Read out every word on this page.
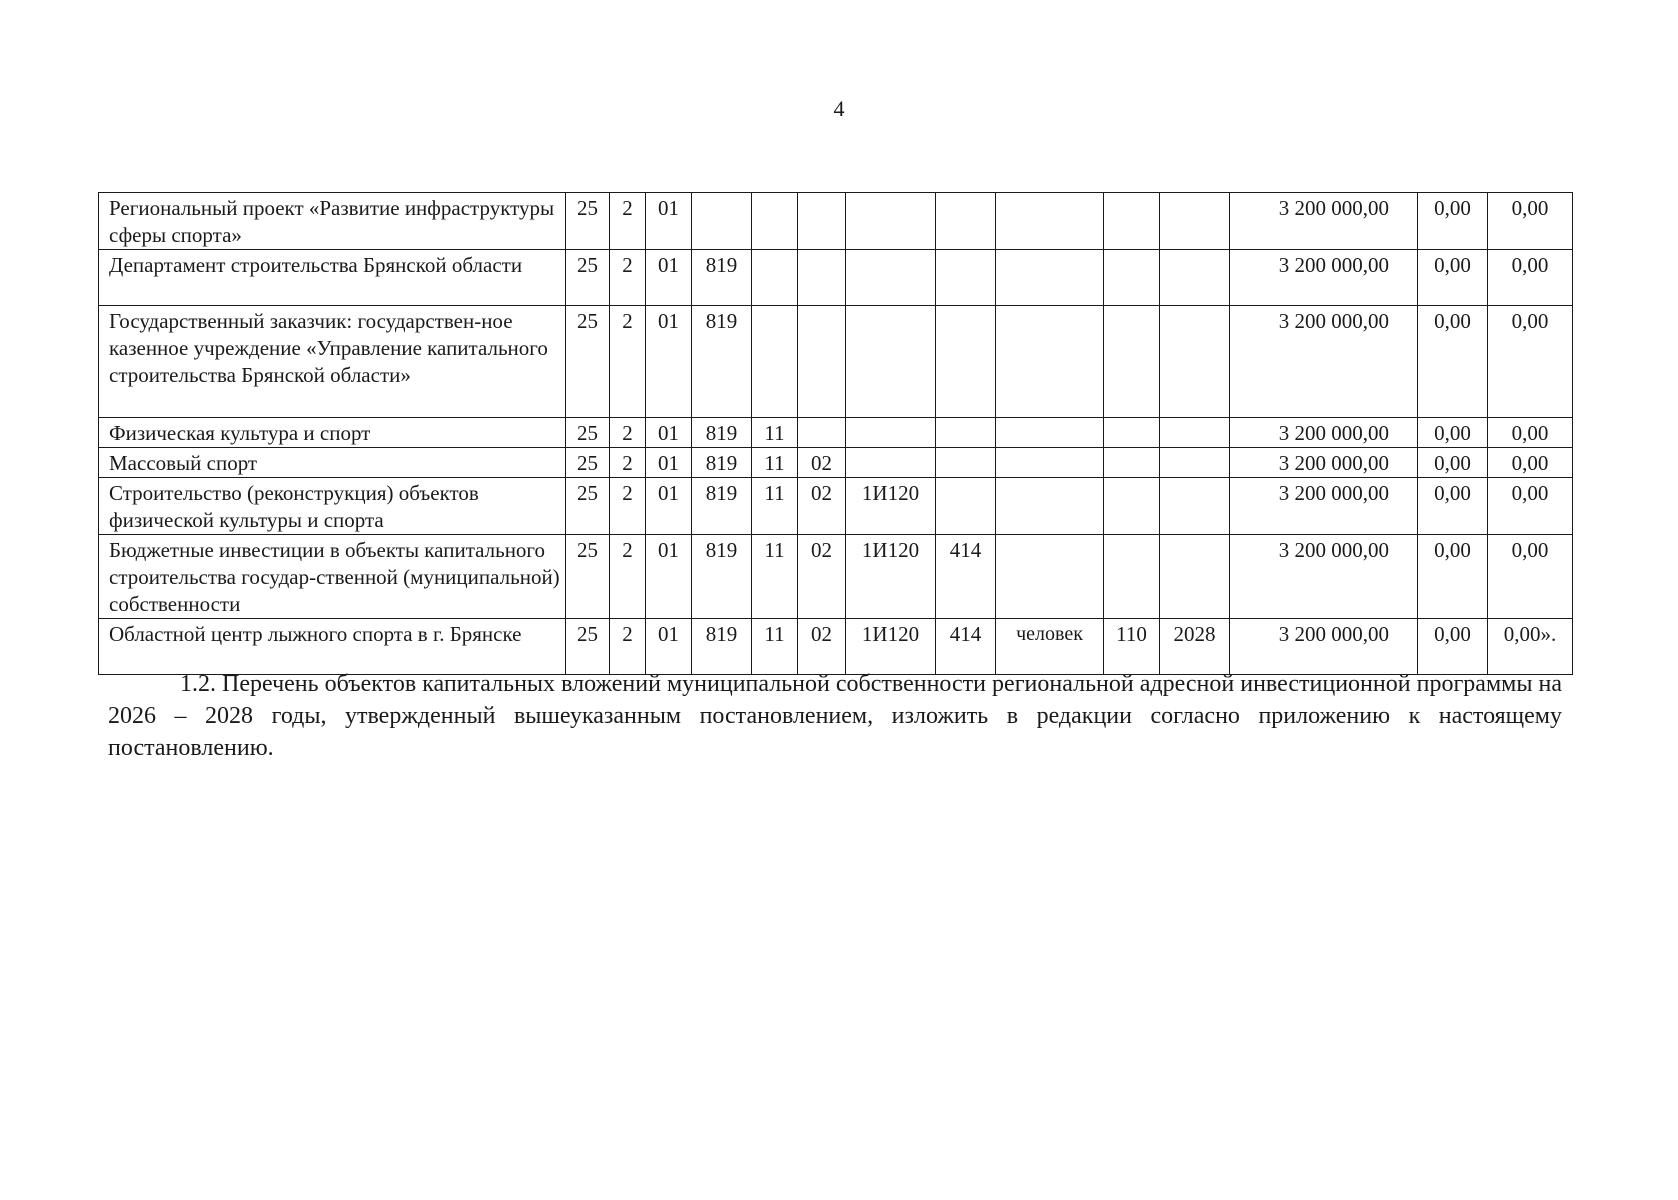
4
Региональный проект «Развитие инфраструктуры сферы спорта»	25	2	01									3 200 000,00	0,00	0,00
Департамент строительства Брянской области	25	2	01	819								3 200 000,00	0,00	0,00
Государственный заказчик: государствен-ное казенное учреждение «Управление капитального строительства Брянской области»	25	2	01	819								3 200 000,00	0,00	0,00
Физическая культура и спорт	25	2	01	819	11							3 200 000,00	0,00	0,00
Массовый спорт	25	2	01	819	11	02						3 200 000,00	0,00	0,00
Строительство (реконструкция) объектов физической культуры и спорта	25	2	01	819	11	02	1И120					3 200 000,00	0,00	0,00
Бюджетные инвестиции в объекты капитального строительства государ-ственной (муниципальной) собственности	25	2	01	819	11	02	1И120	414				3 200 000,00	0,00	0,00
Областной центр лыжного спорта в г. Брянске	25	2	01	819	11	02	1И120	414	человек	110	2028	3 200 000,00	0,00	0,00».

1.2. Перечень объектов капитальных вложений муниципальной собственности региональной адресной инвестиционной программы на 2026 – 2028 годы, утвержденный вышеуказанным постановлением, изложить в редакции согласно приложению к настоящему постановлению.
